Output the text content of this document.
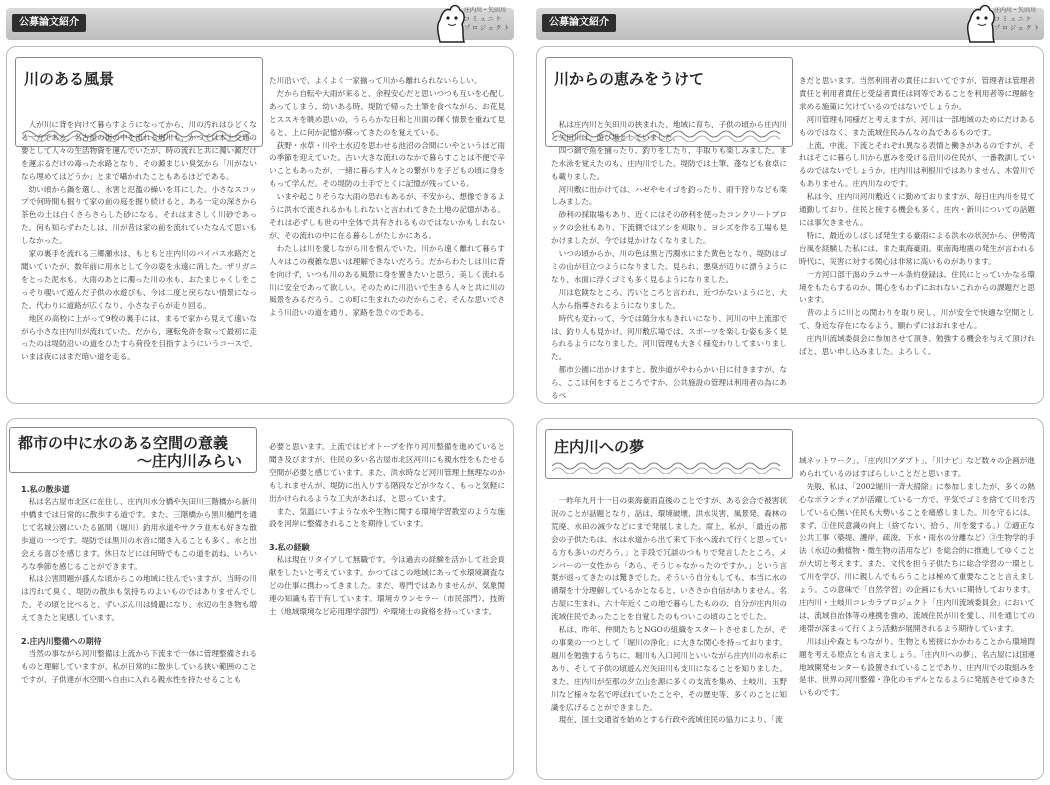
公募論文紹介
庄内川・矢田川
コ ミ ュ ニ ケ
プ ロ ジ ェ ク ト
川のある風景

人が川に背を向けて暮らすようになってから、川の汚れはひどくなる一方である。名古屋の街の中を流れる堀川も、かつては本上交通の要として人々の生活物資を運んでいたが、時の流れと共に濁い澱だけを運ぶるだけの毒った水路となり、その澱まじい臭気から「川がないなら埋めてはどうか」とまで囁かれたこともあるほどである。

幼い頃から鍋を選し、水害と氾濫の繰いを耳にした。小さなスコップで何時間も掘りて家の前の庭を掘り続けると、ある一定の深さから茶色の土は白くさらさらした砂になる。それはまさしく川砂であった。何も知らずわたしは、川が昔は家の前を流れていたなんて思いもしなかった。

家の裏手を流れる三郷瀬水は、もともと庄内川のバイパス水路だと聞いていたが、数年前に用水として今の姿を永遠に消した。ザリガニをとった泥水も、大雨のあとに濁った川の水も、おたまじゃくしをこっそり覗いて遊んだ子供の水遊びも、今は二度と戻らない情景になった。代わりに道路が広くなり、小さな子らが走り回る。

地区の高校に上がって9校の裏手には、まるで家から見えて遠いながら小さな庄内川が流れていた。だから、運転免許を取って最初に走ったのは堤防沿いの道をひたすら荷役を目指すようにいうコースで、いまは夜にはまだ暗い道を走る。

た川沿いで、よくよく一家揃って川から離れられないらしい。

だから自転や大雨が来ると、余程安心だと思いつつも互いを心配しあってしまう。幼いある時、堤防で帰った土筆を食べながら、お花見とススキを眺め思いの、うららかな日和と川面の輝く情景を重ねて見ると、上に何か記憶が蘇ってきたのを覚えている。

荻野・水草・川や土水辺を思わせる池沼の合間にいやというほど雨の季節を迎えていた。古い大きな流れのなかで暮らすことは不便で辛いこともあったが、一緒に暮らす人々との繋がりを子どもの頃に身をもって学んだ。その堤防の土手でとくに記憶が残っている。

いまや起こりそうな大雨の恐れもあるが、不安から、想像できるように洪水で流されるかもしれないと言われてきた土地の記憶がある。それは必ずしも世の中全体で共有されるものではないかもしれないが、その流れの中に在る暮らしがたしかにある。

わたしは川を愛しながら川を恨んでいた。川から遠く離れて暮らす人々はこの複雑な思いは理解できないだろう。だからわたしは川に背を向けず、いつも川のある風景に身を置きたいと思う。美しく流れる川に安全であって欲しい。そのために川沿いで生きる人々と共に川の風景をみるだろう。この町に生まれたのだからこそ、そんな思いでさよう川沿いの道を通り、家路を急ぐのである。

都市の中に水のある空間の意義
～庄内川みらい
1.私の散歩道

私は名古屋市北区に在住し、庄内川水分橋や矢田川三階橋から新川中橋までは日常的に散歩する道です。また、三階橋から黒川樋門を通じて名城公園にいたる區間（堀川）釣用水道やサクラ並木も好きな散歩道の一つです。堤防では黒川の水音に聞き入ることも多く、水と出会える喜びを感じます。休日などには何時でもこの道を訪ね、いろいろな季節を感じることができます。

私は公害問題が盛んな頃からこの地域に住んでいますが、当時の川は汚れて臭く、堤防の散歩も気持ちのよいものではありませんでした。その頃と比べると、ずいぶん川は綺麗になり、水辺の生き物も増えてきたと実感しています。

2.庄内川整備への期待

当然の事ながら河川整備は上流から下流まで一体に管理整備されるものと理解していますが、私が日常的に散歩している狭い範囲のことですが、子供達が水空間へ自由に入れる親水性を持たせることも

必要と思います。上流ではビオトープを作り河川整備を進めていると聞き及びますが、住民の多い名古屋市北区河川にも親水性をもたせる空間が必要と感じています。また、洪水時など河川管理上無理なのかもしれませんが、堤防に出入りする階段などが少なく、もっと気軽に出かけられるような工夫があれば、と思っています。

また、気温にいすような水や生物に関する環境学習教室のような施設を河岸に整備されることを期待しています。

3.私の経験

私は現在リタイアして無職です。今は過去の経験を活かして社会貢献をしたいと考えています。かつてはこの地域にあって水環境調査などの仕事に携わってきました。まだ、専門ではありませんが、気象関連の知識も若干有しています。環境カウンセラー（市民部門）、技術士（地域環境など応用理学部門）や環境士の資格を持っています。

公募論文紹介
庄内川・矢田川
コ ミ ュ ニ ケ
プ ロ ジ ェ ク ト
川からの恵みをうけて

私は庄内川と矢田川の挟まれた、地域に育ち、子供の頃から庄内川と矢田川は、遊び場としていました。

四つ網で魚を捕ったり、釣りをしたり、手取りも楽しみました。また水泳を覚えたのも、庄内川でした。堤防では土筆、蓬なども食卓にも載りました。

河川敷に出かけては、ハゼやセイゴを釣ったり、雨干狩りなども楽しみました。

砂利の採取場もあり、近くにはその砂利を使ったコンクリートブロックの会社もあり、下流側ではアシを刈取り、ヨシズを作る工場も見かけましたが、今では見かけなくなりました。

いつの頃からか、川の色は黒と汚濁水にまた黄色となり、堤防はゴミの山が目立つようになりました。見られ、悪臭が辺りに漂うようになり、水面に浮くゴミも多く見るようになりました。

川は危険なところ、汚いところと言われ、近づかないようにと、大人から指導されるようになりました。

時代も変わって、今では随分水もきれいになり、河川の中上流部では、釣り人も見かけ、河川敷広場では、スポーツを楽しむ姿も多く見られるようになりました。河川管理も大きく様変わりしてまいりました。

都市公園に出かけますと、散歩道がやわらかい日に付きますが、なら、ここは何をするところですか、公共施設の管理は利用者の為にあるべ

きだと思います。当然利用者の責任においてですが、管理者は管理者責任と利用者責任と受益者責任は同等であることを利用者等に理解を求める施策に欠けているのではないでしょうか。

河川管理も同様だと考えますが、河川は一部地域のためにだけあるものではなく、また流域住民みんなの為であるものです。

上流、中流、下流とそれぞれ異なる表情と働きがあるのですが、それはそこに暮らし川から恵みを受ける沿川の住民が、一番教訓しているのではないでしょうか。庄内川は利根川ではありません、木曽川でもありません。庄内川なのです。

私は今、庄内川河川敷近くに勤めておりますが、毎日庄内川を見て通勤しており、住民と接する機会も多く、庄内・新川についての話題には事欠きません。

特に、最近のしばしば発生する豪雨による洪水の状況から、伊勢湾台風を経験した私には、また東海豪雨、東南海地震の発生が言われる時代に、災害に対する関心は非常に高いものがあります。

一方河口部干潟のラムサール条約登録は、住民にとっていかなる環境をもたらするのか、関心をもわずにおれないこれからの課題だと思います。

昔のように川との関わりを取り戻し、川が安全で快適な空間として、身近な存在になるよう、願わずにはおれません。

庄内川流域委員会に参加させて頂き、勉強する機会を与えて頂ければと、思い申し込みました。よろしく。

庄内川への夢

一昨年九月十一日の東海豪雨直後のことですが、ある会合で被害状況のことが話題となり、話は、環境破壊、洪水災害、風景発、森林の荒廃、水田の減少などにまで発展しました。席上、私が、「最近の都会の子供たちは、水は水道から出て来て下水へ流れて行くと思っている方も多いのだろう。」と手段で冗談のつもりで発言したところ、メンバーの一女性から「あら、そうじゃなかったのですか。」という言葉が返ってきたのは驚きでした。そういう自分もしても、本当に水の循環を十分理解しているかとなると、いささか自信がありません。名古屋に生まれ、六十年近くこの地で暮らしたものの、自分が庄内川の流域住民であったことを自覚したのもついこの頃のことでした。

私は、昨年、仲間たちとNGOの組織をスタートさせましたが、その事業の一つとして「堀川の浄化」に大きな関心を持っております。堀川を勉強するうちに、堀川も入口河川といいながら庄内川の水系にあり、そして子供の頃遊んだ矢田川も支川になることを知りました。また、庄内川が至那の夕立山を源に多くの支流を集め、土岐川、玉野川など様々な名で呼ばれていたことや、その歴史等、多くのことに知識を広げることができました。

現在、国土交通省を始めとする行政や流域住民の協力により、「流

域ネットワーク」、「庄内川アダプト」、「川ナビ」など数々の企画が進められているのはすばらしいことだと思います。

先般、私は、「2002堀川一斉大掃除」に参加しましたが、多くの熱心なボランティアが活躍している一方で、平気でゴミを捨てて川を汚している心無い住民も大勢いることを痛感しました。川を守るには、まず、①住民意識の向上（捨てない、拾う、川を愛する。）②適正な公共工事（築堤、護岸、疏浚、下水・雨水の分離など）③生物学的手法（水辺の動植物・微生物の活用など）を総合的に推進してゆくことが大切と考えます。また、文代を担う子供たちに総合学習の一環として川を学び、川に親しんでもらうことは極めて重要なことと言えましょう。この意味で「自然学習」の企画にも大いに期待しております。庄内川・土岐川コレカラプロジェクト「庄内川流域委員会」においては、流域自治体等の連携を強め、流域住民が川を愛し、川を通じての連帯が深まって行くよう活動が展開されるよう期待しています。

川は山や森ともつながり、生物とも密接にかかわることから環境問題を考える原点とも言えましょう。「庄内川への夢」、名古屋には国連地域開発センターも設置されていることであり、庄内川での取組みを是非、世界の河川整備・浄化のモデルとなるように発展させてゆきたいものです。
